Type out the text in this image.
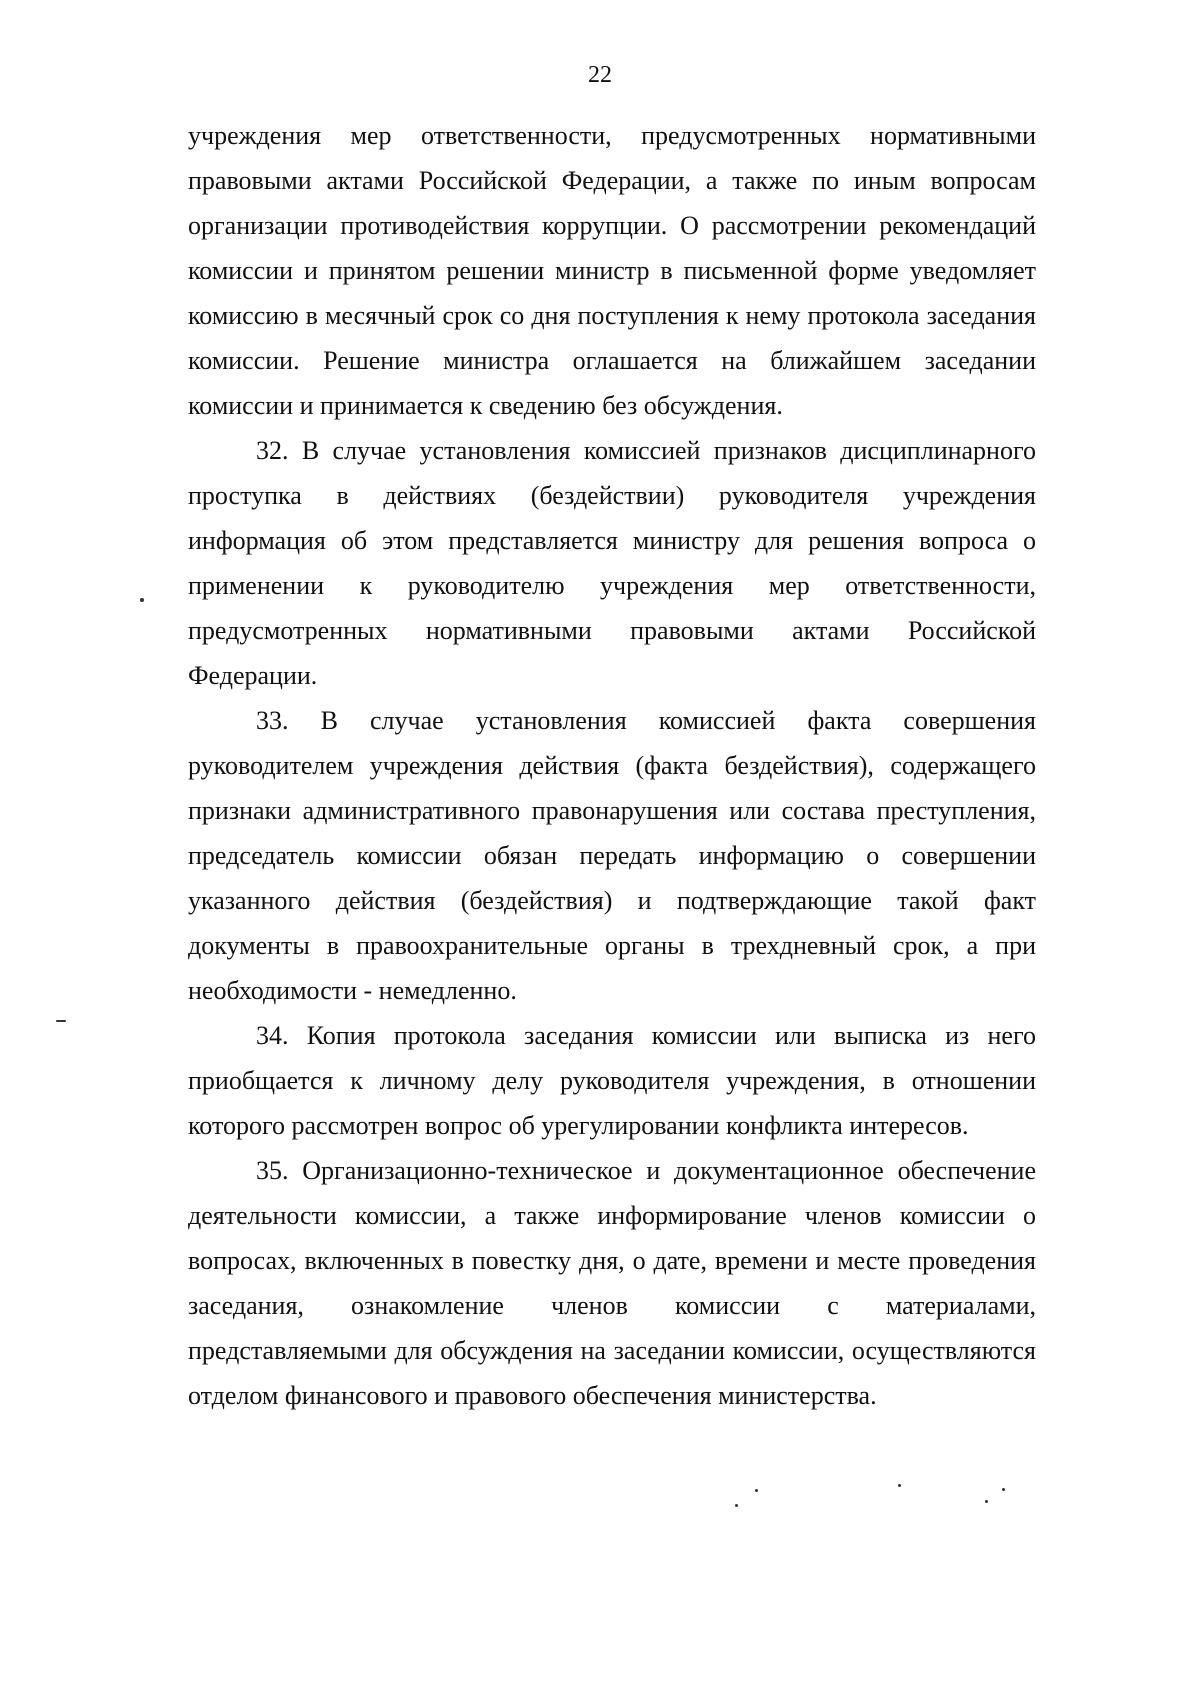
22

учреждения мер ответственности, предусмотренных нормативными правовыми актами Российской Федерации, а также по иным вопросам организации противодействия коррупции. О рассмотрении рекомендаций комиссии и принятом решении министр в письменной форме уведомляет комиссию в месячный срок со дня поступления к нему протокола заседания комиссии. Решение министра оглашается на ближайшем заседании комиссии и принимается к сведению без обсуждения.

32. В случае установления комиссией признаков дисциплинарного проступка в действиях (бездействии) руководителя учреждения информация об этом представляется министру для решения вопроса о применении к руководителю учреждения мер ответственности, предусмотренных нормативными правовыми актами Российской Федерации.

33. В случае установления комиссией факта совершения руководителем учреждения действия (факта бездействия), содержащего признаки административного правонарушения или состава преступления, председатель комиссии обязан передать информацию о совершении указанного действия (бездействия) и подтверждающие такой факт документы в правоохранительные органы в трехдневный срок, а при необходимости - немедленно.

34. Копия протокола заседания комиссии или выписка из него приобщается к личному делу руководителя учреждения, в отношении которого рассмотрен вопрос об урегулировании конфликта интересов.

35. Организационно-техническое и документационное обеспечение деятельности комиссии, а также информирование членов комиссии о вопросах, включенных в повестку дня, о дате, времени и месте проведения заседания, ознакомление членов комиссии с материалами, представляемыми для обсуждения на заседании комиссии, осуществляются отделом финансового и правового обеспечения министерства.
